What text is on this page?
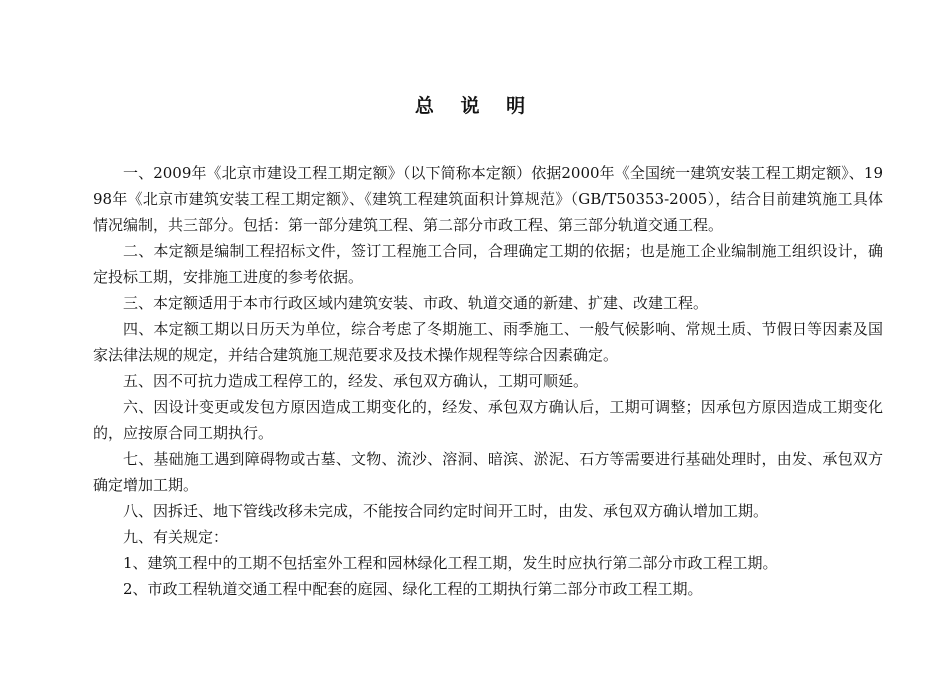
总 说 明

一、2009年《北京市建设工程工期定额》（以下简称本定额）依据2000年《全国统一建筑安装工程工期定额》、1998年《北京市建筑安装工程工期定额》、《建筑工程建筑面积计算规范》（GB/T50353-2005），结合目前建筑施工具体情况编制，共三部分。包括：第一部分建筑工程、第二部分市政工程、第三部分轨道交通工程。

二、本定额是编制工程招标文件，签订工程施工合同，合理确定工期的依据；也是施工企业编制施工组织设计，确定投标工期，安排施工进度的参考依据。

三、本定额适用于本市行政区域内建筑安装、市政、轨道交通的新建、扩建、改建工程。

四、本定额工期以日历天为单位，综合考虑了冬期施工、雨季施工、一般气候影响、常规土质、节假日等因素及国家法律法规的规定，并结合建筑施工规范要求及技术操作规程等综合因素确定。

五、因不可抗力造成工程停工的，经发、承包双方确认，工期可顺延。

六、因设计变更或发包方原因造成工期变化的，经发、承包双方确认后，工期可调整；因承包方原因造成工期变化的，应按原合同工期执行。

七、基础施工遇到障碍物或古墓、文物、流沙、溶洞、暗滨、淤泥、石方等需要进行基础处理时，由发、承包双方确定增加工期。

八、因拆迁、地下管线改移未完成，不能按合同约定时间开工时，由发、承包双方确认增加工期。

九、有关规定：

1、建筑工程中的工期不包括室外工程和园林绿化工程工期，发生时应执行第二部分市政工程工期。

2、市政工程轨道交通工程中配套的庭园、绿化工程的工期执行第二部分市政工程工期。
